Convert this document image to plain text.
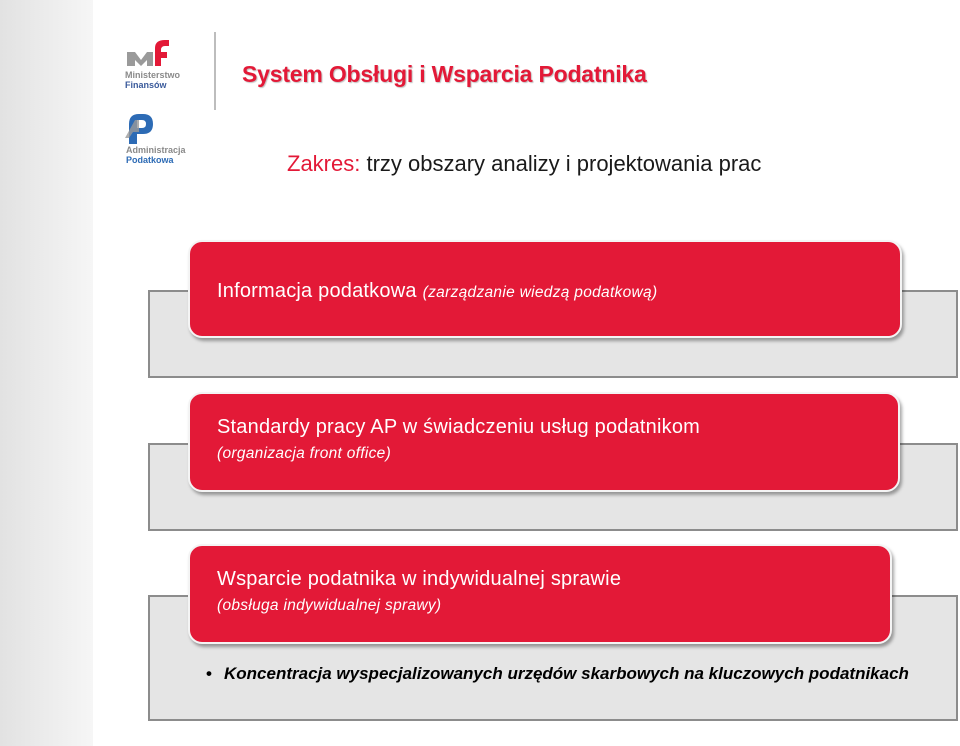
Ministerstwo
Finansów
Administracja
Podatkowa
System Obsługi i Wsparcia Podatnika

Zakres: trzy obszary analizy i projektowania prac

Informacja podatkowa (zarządzanie wiedzą podatkową)
Standardy pracy AP w świadczeniu usług podatnikom
(organizacja front office)
Wsparcie podatnika w indywidualnej sprawie
(obsługa indywidualnej sprawy)

• Koncentracja wyspecjalizowanych urzędów skarbowych na kluczowych podatnikach
